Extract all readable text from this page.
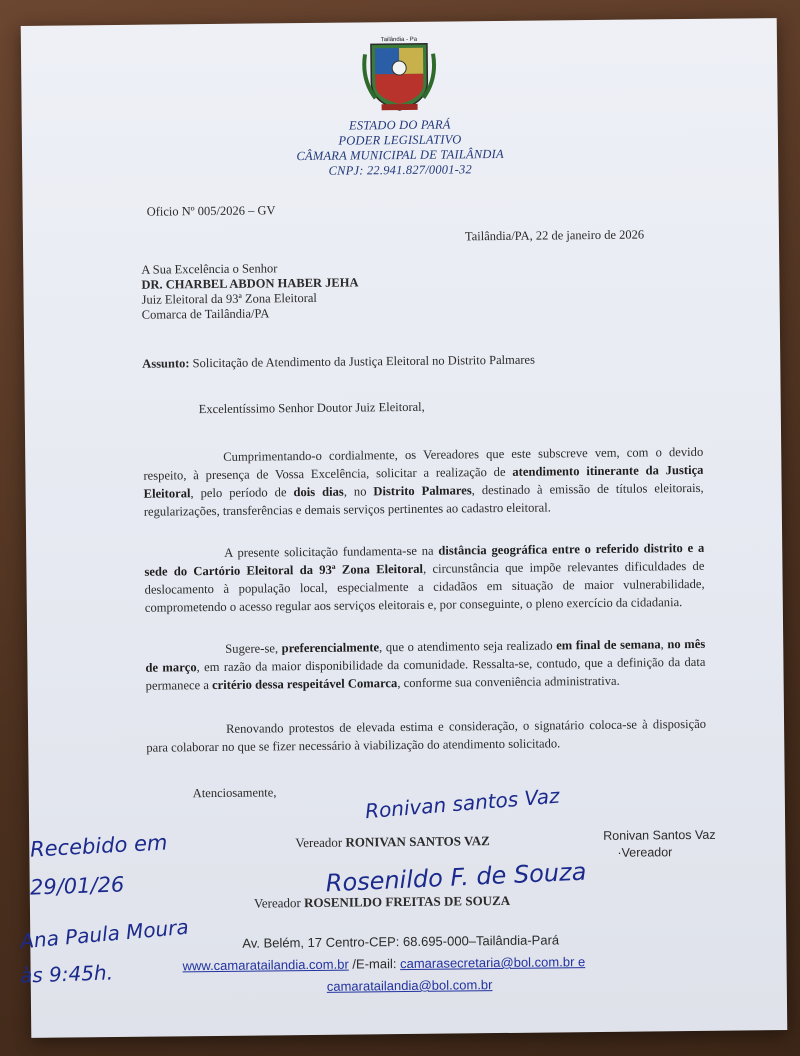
Tailândia - Pa
ESTADO DO PARÁ
PODER LEGISLATIVO
CÂMARA MUNICIPAL DE TAILÂNDIA
CNPJ: 22.941.827/0001-32
Oficio Nº 005/2026 – GV
Tailândia/PA, 22 de janeiro de 2026
A Sua Excelência o Senhor
DR. CHARBEL ABDON HABER JEHA
Juiz Eleitoral da 93ª Zona Eleitoral
Comarca de Tailândia/PA
Assunto: Solicitação de Atendimento da Justiça Eleitoral no Distrito Palmares
Excelentíssimo Senhor Doutor Juiz Eleitoral,
Cumprimentando-o cordialmente, os Vereadores que este subscreve vem, com o devido respeito, à presença de Vossa Excelência, solicitar a realização de atendimento itinerante da Justiça Eleitoral, pelo período de dois dias, no Distrito Palmares, destinado à emissão de títulos eleitorais, regularizações, transferências e demais serviços pertinentes ao cadastro eleitoral.
A presente solicitação fundamenta-se na distância geográfica entre o referido distrito e a sede do Cartório Eleitoral da 93ª Zona Eleitoral, circunstância que impõe relevantes dificuldades de deslocamento à população local, especialmente a cidadãos em situação de maior vulnerabilidade, comprometendo o acesso regular aos serviços eleitorais e, por conseguinte, o pleno exercício da cidadania.
Sugere-se, preferencialmente, que o atendimento seja realizado em final de semana, no mês de março, em razão da maior disponibilidade da comunidade. Ressalta-se, contudo, que a definição da data permanece a critério dessa respeitável Comarca, conforme sua conveniência administrativa.
Renovando protestos de elevada estima e consideração, o signatário coloca-se à disposição para colaborar no que se fizer necessário à viabilização do atendimento solicitado.
Atenciosamente,	Ronivan santos Vaz
Vereador RONIVAN SANTOS VAZ	Ronivan Santos Vaz
·Vereador
Rosenildo F. de Souza
Vereador ROSENILDO FREITAS DE SOUZA
Av. Belém, 17 Centro-CEP: 68.695-000–Tailândia-Pará
www.camaratailandia.com.br /E-mail: camarasecretaria@bol.com.br e
camaratailandia@bol.com.br
Recebido em
29/01/26
Ana Paula Moura
às 9:45h.
